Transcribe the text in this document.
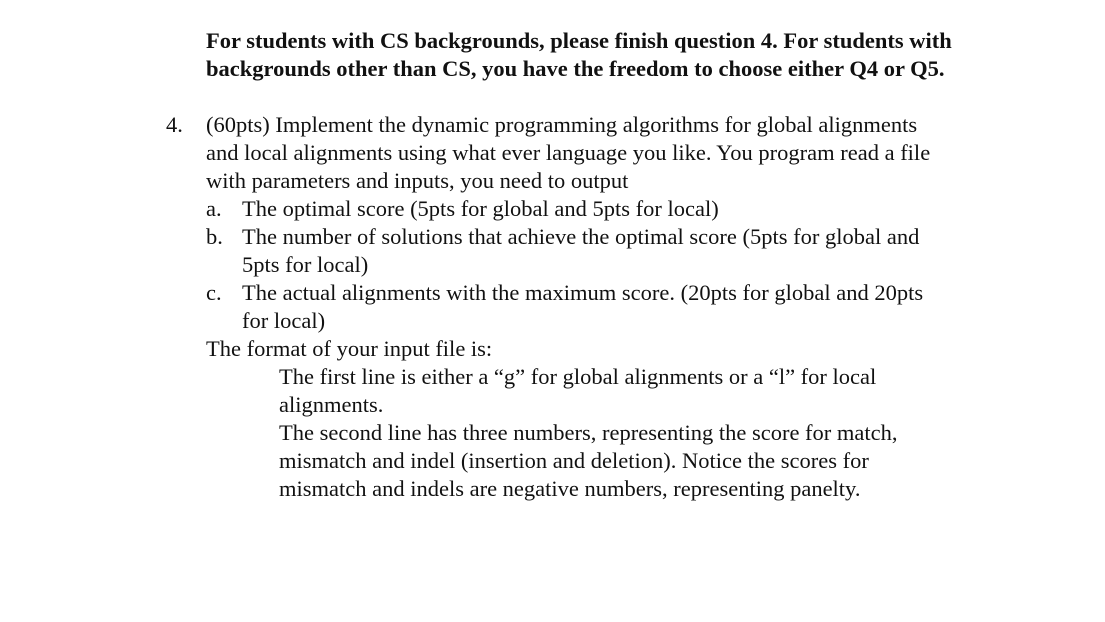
For students with CS backgrounds, please finish question 4. For students with
backgrounds other than CS, you have the freedom to choose either Q4 or Q5.
4. (60pts) Implement the dynamic programming algorithms for global alignments
and local alignments using what ever language you like. You program read a file
with parameters and inputs, you need to output
a. The optimal score (5pts for global and 5pts for local)
b. The number of solutions that achieve the optimal score (5pts for global and
5pts for local)
c. The actual alignments with the maximum score. (20pts for global and 20pts
for local)
The format of your input file is:
The first line is either a “g” for global alignments or a “l” for local
alignments.
The second line has three numbers, representing the score for match,
mismatch and indel (insertion and deletion). Notice the scores for
mismatch and indels are negative numbers, representing panelty.
